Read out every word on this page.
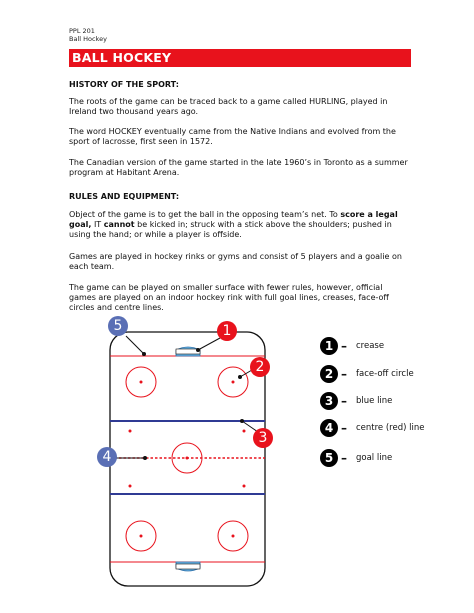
PPL 201
Ball Hockey
BALL HOCKEY
HISTORY OF THE SPORT:
The roots of the game can be traced back to a game called HURLING, played in Ireland two thousand years ago.
The word HOCKEY eventually came from the Native Indians and evolved from the sport of lacrosse, first seen in 1572.
The Canadian version of the game started in the late 1960’s in Toronto as a summer program at Habitant Arena.
RULES AND EQUIPMENT:
Object of the game is to get the ball in the opposing team’s net. To score a legal goal, IT cannot be kicked in; struck with a stick above the shoulders; pushed in using the hand; or while a player is offside.
Games are played in hockey rinks or gyms and consist of 5 players and a goalie on each team.
The game can be played on smaller surface with fewer rules, however, official games are played on an indoor hockey rink with full goal lines, creases, face-off circles and centre lines.
5	1
2
3
4
1 – crease
2 – face-off circle
3 – blue line
4 – centre (red) line
5 – goal line
